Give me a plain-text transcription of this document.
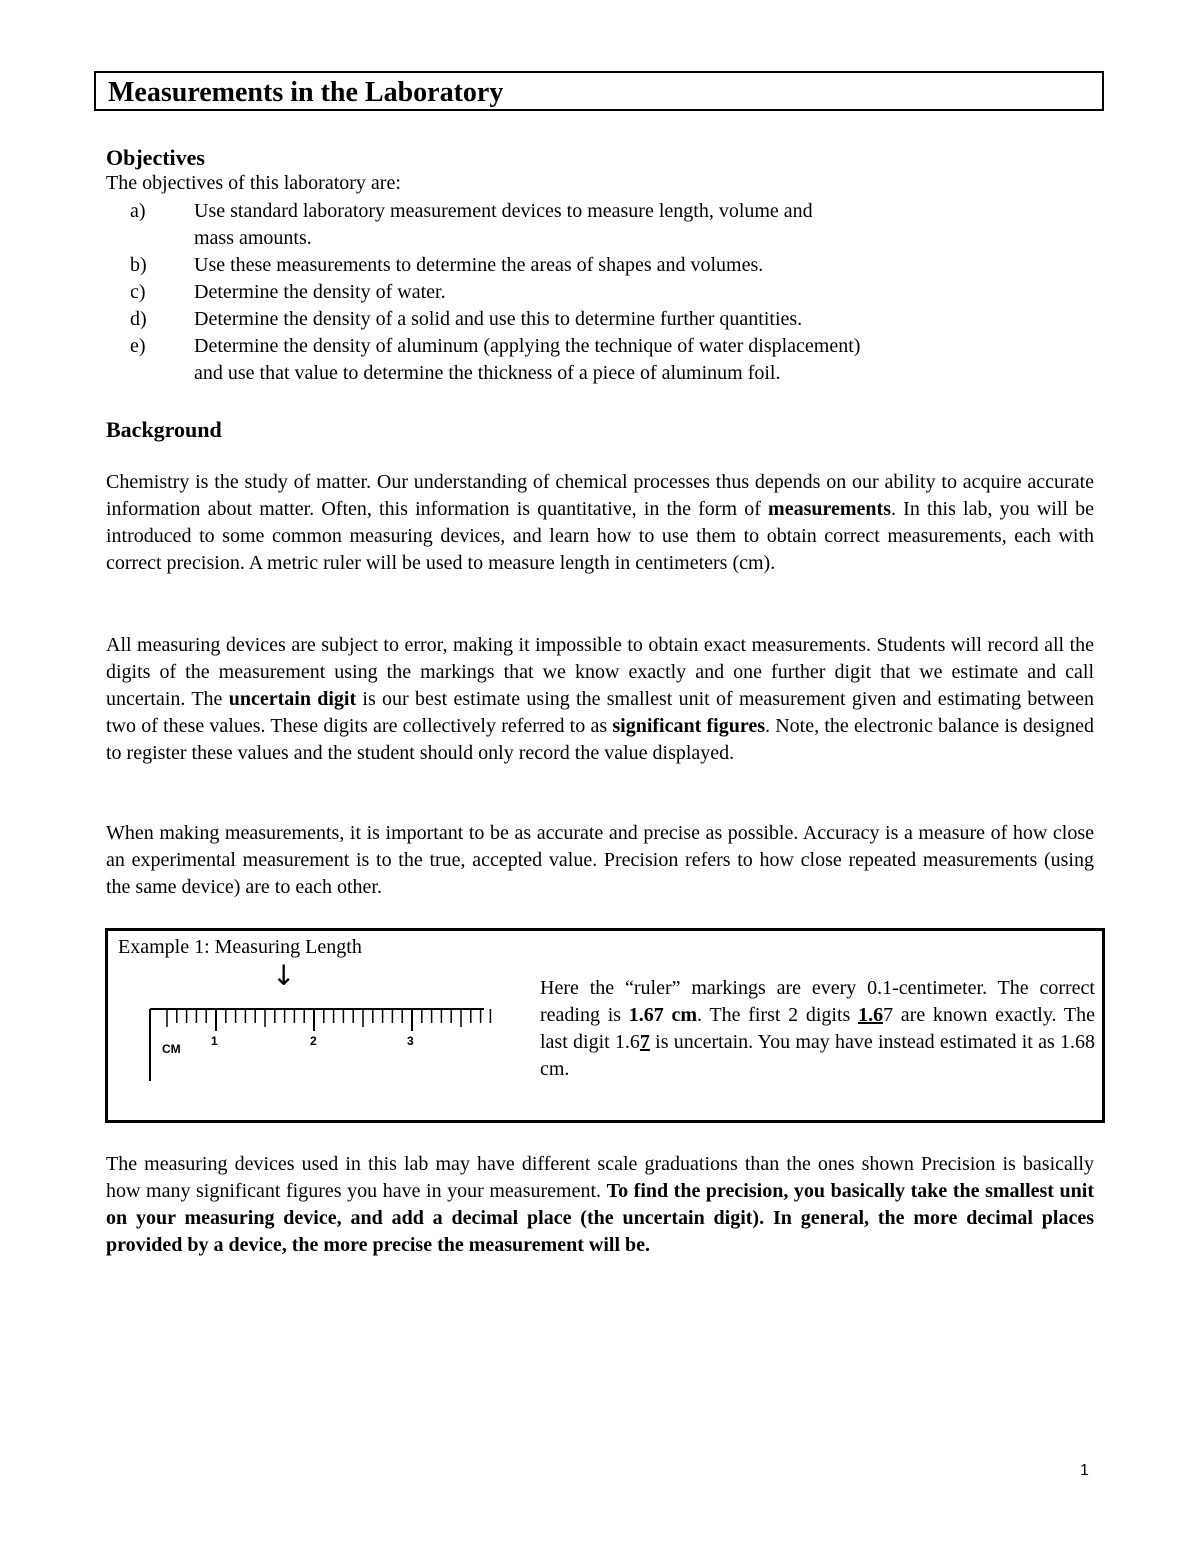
Measurements in the Laboratory
Objectives
The objectives of this laboratory are:
a) Use standard laboratory measurement devices to measure length, volume and
mass amounts.
b) Use these measurements to determine the areas of shapes and volumes.
c) Determine the density of water.
d) Determine the density of a solid and use this to determine further quantities.
e) Determine the density of aluminum (applying the technique of water displacement)
and use that value to determine the thickness of a piece of aluminum foil.
Background
Chemistry is the study of matter. Our understanding of chemical processes thus depends on our ability to acquire accurate information about matter. Often, this information is quantitative, in the form of measurements. In this lab, you will be introduced to some common measuring devices, and learn how to use them to obtain correct measurements, each with correct precision. A metric ruler will be used to measure length in centimeters (cm).
All measuring devices are subject to error, making it impossible to obtain exact measurements. Students will record all the digits of the measurement using the markings that we know exactly and one further digit that we estimate and call uncertain. The uncertain digit is our best estimate using the smallest unit of measurement given and estimating between two of these values. These digits are collectively referred to as significant figures. Note, the electronic balance is designed to register these values and the student should only record the value displayed.
When making measurements, it is important to be as accurate and precise as possible. Accuracy is a measure of how close an experimental measurement is to the true, accepted value. Precision refers to how close repeated measurements (using the same device) are to each other.
Example 1: Measuring Length
↓
CM
1	2	3
Here the “ruler” markings are every 0.1-centimeter. The correct reading is 1.67 cm. The first 2 digits 1.67 are known exactly. The last digit 1.67 is uncertain. You may have instead estimated it as 1.68 cm.
The measuring devices used in this lab may have different scale graduations than the ones shown Precision is basically how many significant figures you have in your measurement. To find the precision, you basically take the smallest unit on your measuring device, and add a decimal place (the uncertain digit). In general, the more decimal places provided by a device, the more precise the measurement will be.
1
